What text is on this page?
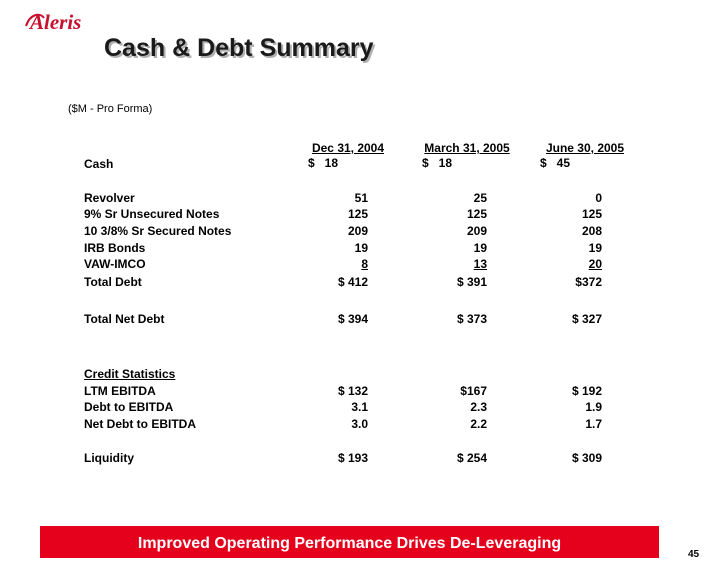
Aleris
Cash & Debt Summary
($M - Pro Forma)
Dec 31, 2004	March 31, 2005	June 30, 2005
Cash	$   18	$   18	$   45
Revolver	51	25	0
9% Sr Unsecured Notes	125	125	125
10 3/8% Sr Secured Notes	209	209	208
IRB Bonds	19	19	19
VAW-IMCO	8	13	20
Total Debt	$ 412	$ 391	$372
Total Net Debt	$ 394	$ 373	$ 327
Credit Statistics
LTM EBITDA	$ 132	$167	$ 192
Debt to EBITDA	3.1	2.3	1.9
Net Debt to EBITDA	3.0	2.2	1.7
Liquidity	$ 193	$ 254	$ 309
Improved Operating Performance Drives De-Leveraging
45
